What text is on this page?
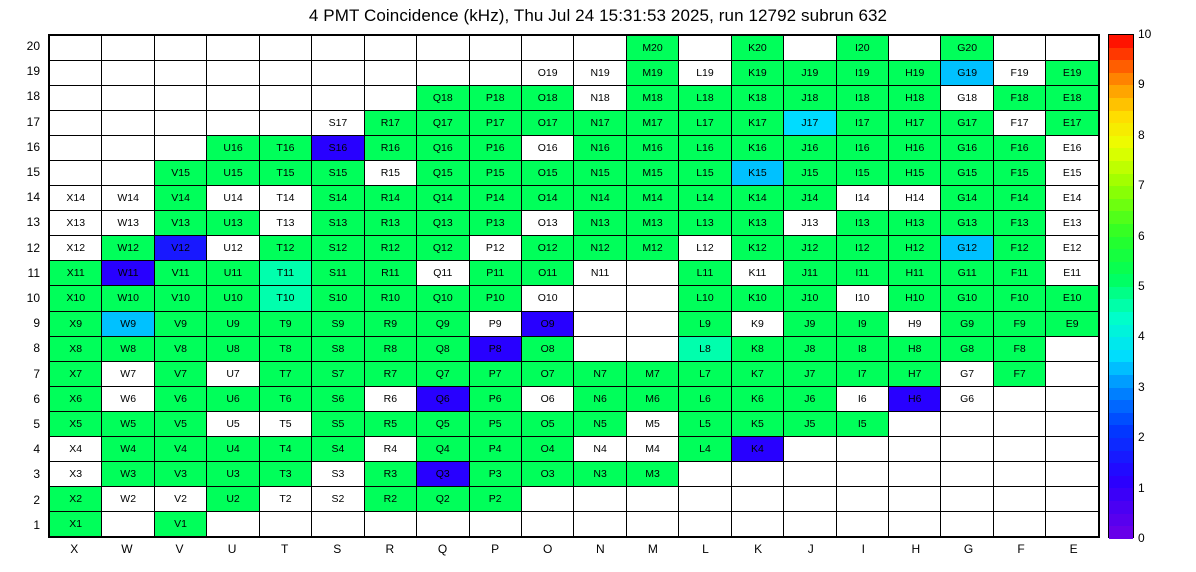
4 PMT Coincidence (kHz), Thu Jul 24 15:31:53 2025, run 12792 subrun 632
20
19
18
17
16
15
14
13
12
11
10
9
8
7
6
5
4
3
2
1
											M20		K20		I20		G20		
									O19	N19	M19	L19	K19	J19	I19	H19	G19	F19	E19
							Q18	P18	O18	N18	M18	L18	K18	J18	I18	H18	G18	F18	E18
					S17	R17	Q17	P17	O17	N17	M17	L17	K17	J17	I17	H17	G17	F17	E17
			U16	T16	S16	R16	Q16	P16	O16	N16	M16	L16	K16	J16	I16	H16	G16	F16	E16
		V15	U15	T15	S15	R15	Q15	P15	O15	N15	M15	L15	K15	J15	I15	H15	G15	F15	E15
X14	W14	V14	U14	T14	S14	R14	Q14	P14	O14	N14	M14	L14	K14	J14	I14	H14	G14	F14	E14
X13	W13	V13	U13	T13	S13	R13	Q13	P13	O13	N13	M13	L13	K13	J13	I13	H13	G13	F13	E13
X12	W12	V12	U12	T12	S12	R12	Q12	P12	O12	N12	M12	L12	K12	J12	I12	H12	G12	F12	E12
X11	W11	V11	U11	T11	S11	R11	Q11	P11	O11	N11		L11	K11	J11	I11	H11	G11	F11	E11
X10	W10	V10	U10	T10	S10	R10	Q10	P10	O10			L10	K10	J10	I10	H10	G10	F10	E10
X9	W9	V9	U9	T9	S9	R9	Q9	P9	O9			L9	K9	J9	I9	H9	G9	F9	E9
X8	W8	V8	U8	T8	S8	R8	Q8	P8	O8			L8	K8	J8	I8	H8	G8	F8	
X7	W7	V7	U7	T7	S7	R7	Q7	P7	O7	N7	M7	L7	K7	J7	I7	H7	G7	F7	
X6	W6	V6	U6	T6	S6	R6	Q6	P6	O6	N6	M6	L6	K6	J6	I6	H6	G6		
X5	W5	V5	U5	T5	S5	R5	Q5	P5	O5	N5	M5	L5	K5	J5	I5				
X4	W4	V4	U4	T4	S4	R4	Q4	P4	O4	N4	M4	L4	K4						
X3	W3	V3	U3	T3	S3	R3	Q3	P3	O3	N3	M3								
X2	W2	V2	U2	T2	S2	R2	Q2	P2											
X1		V1																	
X	W	V	U	T	S	R	Q	P	O	N	M	L	K	J	I	H	G	F	E
0
1
2
3
4
5
6
7
8
9
10
